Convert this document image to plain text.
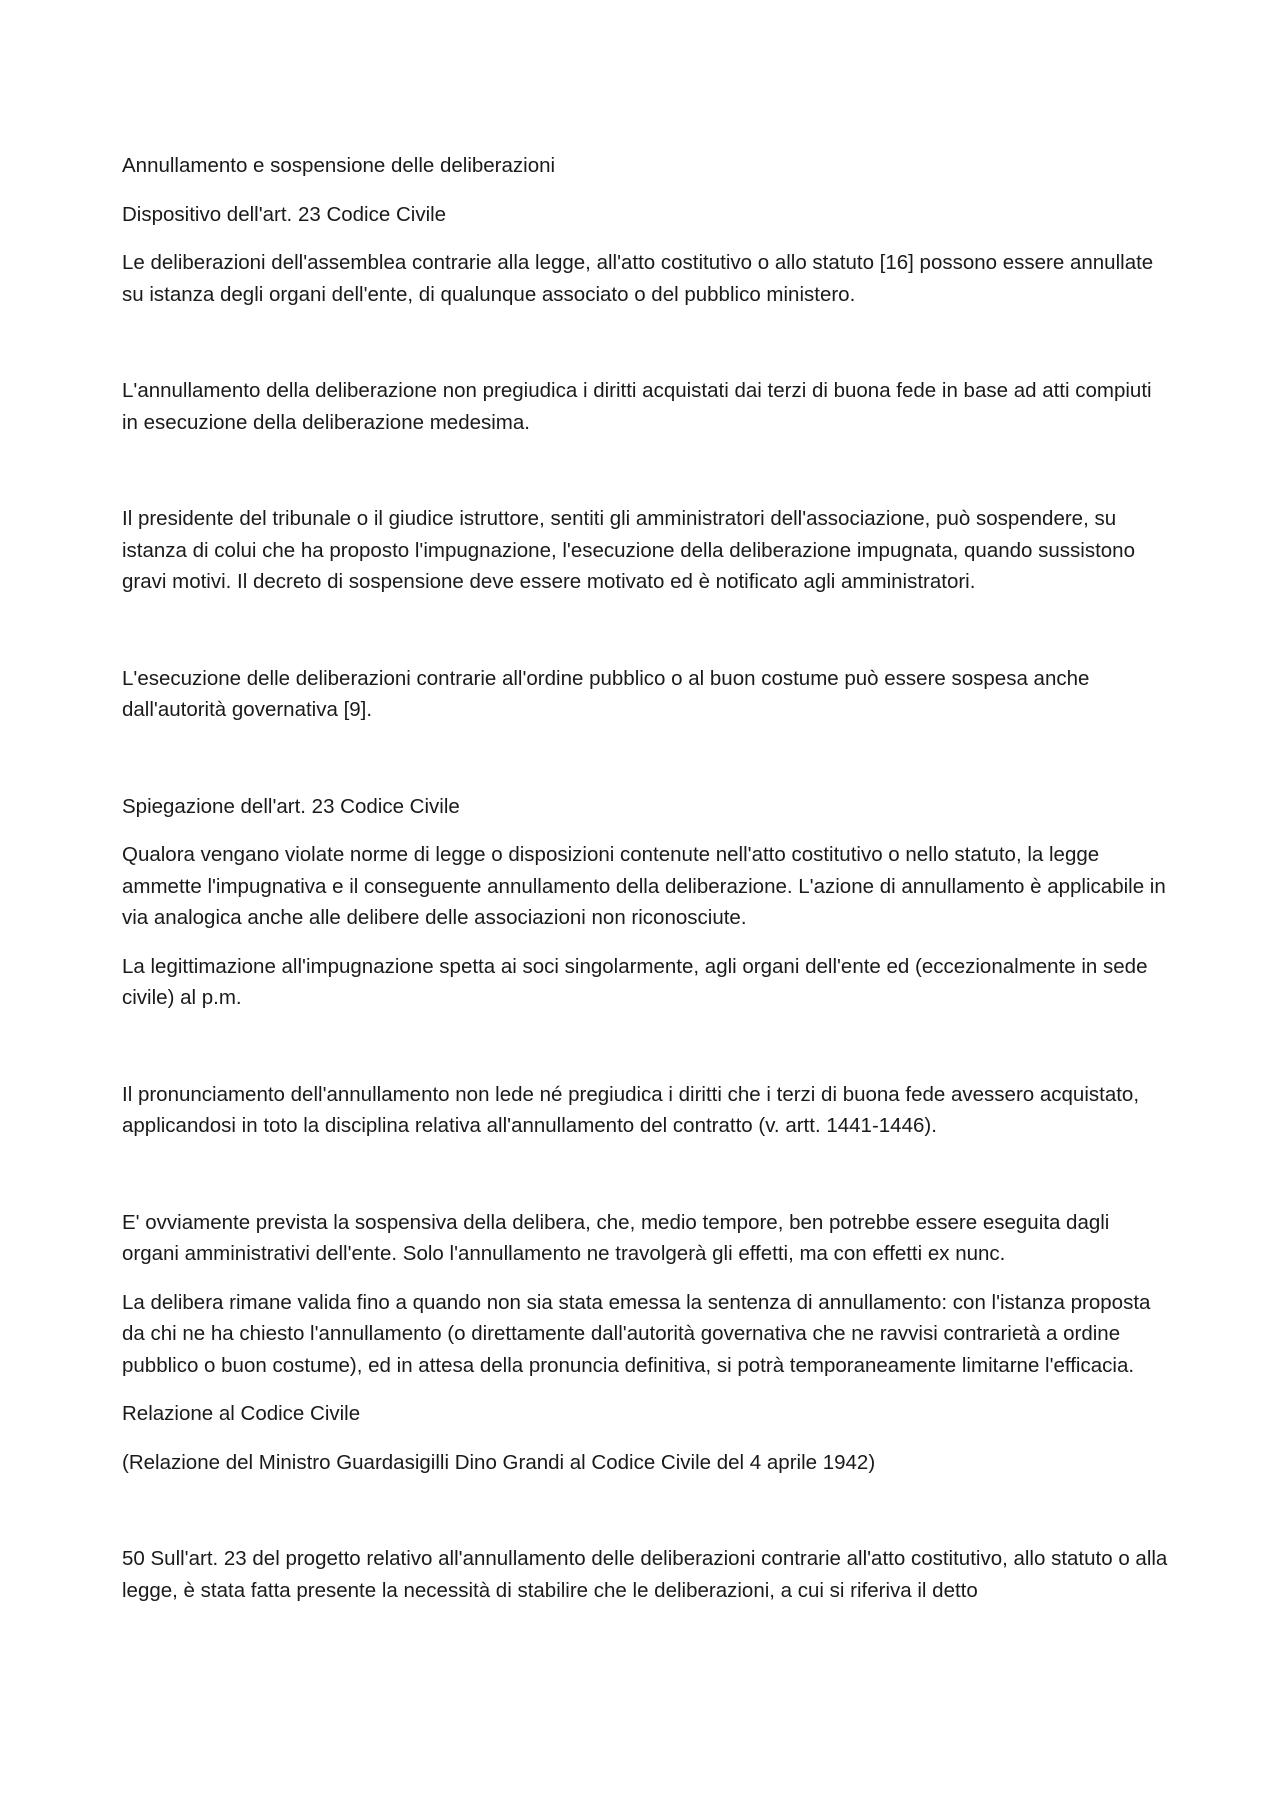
Annullamento e sospensione delle deliberazioni

Dispositivo dell'art. 23 Codice Civile

Le deliberazioni dell'assemblea contrarie alla legge, all'atto costitutivo o allo statuto [16] possono essere annullate su istanza degli organi dell'ente, di qualunque associato o del pubblico ministero.

L'annullamento della deliberazione non pregiudica i diritti acquistati dai terzi di buona fede in base ad atti compiuti in esecuzione della deliberazione medesima.

Il presidente del tribunale o il giudice istruttore, sentiti gli amministratori dell'associazione, può sospendere, su istanza di colui che ha proposto l'impugnazione, l'esecuzione della deliberazione impugnata, quando sussistono gravi motivi. Il decreto di sospensione deve essere motivato ed è notificato agli amministratori.

L'esecuzione delle deliberazioni contrarie all'ordine pubblico o al buon costume può essere sospesa anche dall'autorità governativa [9].

Spiegazione dell'art. 23 Codice Civile

Qualora vengano violate norme di legge o disposizioni contenute nell'atto costitutivo o nello statuto, la legge ammette l'impugnativa e il conseguente annullamento della deliberazione. L'azione di annullamento è applicabile in via analogica anche alle delibere delle associazioni non riconosciute.

La legittimazione all'impugnazione spetta ai soci singolarmente, agli organi dell'ente ed (eccezionalmente in sede civile) al p.m.

Il pronunciamento dell'annullamento non lede né pregiudica i diritti che i terzi di buona fede avessero acquistato, applicandosi in toto la disciplina relativa all'annullamento del contratto (v. artt. 1441-1446).

E' ovviamente prevista la sospensiva della delibera, che, medio tempore, ben potrebbe essere eseguita dagli organi amministrativi dell'ente. Solo l'annullamento ne travolgerà gli effetti, ma con effetti ex nunc.

La delibera rimane valida fino a quando non sia stata emessa la sentenza di annullamento: con l'istanza proposta da chi ne ha chiesto l'annullamento (o direttamente dall'autorità governativa che ne ravvisi contrarietà a ordine pubblico o buon costume), ed in attesa della pronuncia definitiva, si potrà temporaneamente limitarne l'efficacia.

Relazione al Codice Civile

(Relazione del Ministro Guardasigilli Dino Grandi al Codice Civile del 4 aprile 1942)

50 Sull'art. 23 del progetto relativo all'annullamento delle deliberazioni contrarie all'atto costitutivo, allo statuto o alla legge, è stata fatta presente la necessità di stabilire che le deliberazioni, a cui si riferiva il detto
